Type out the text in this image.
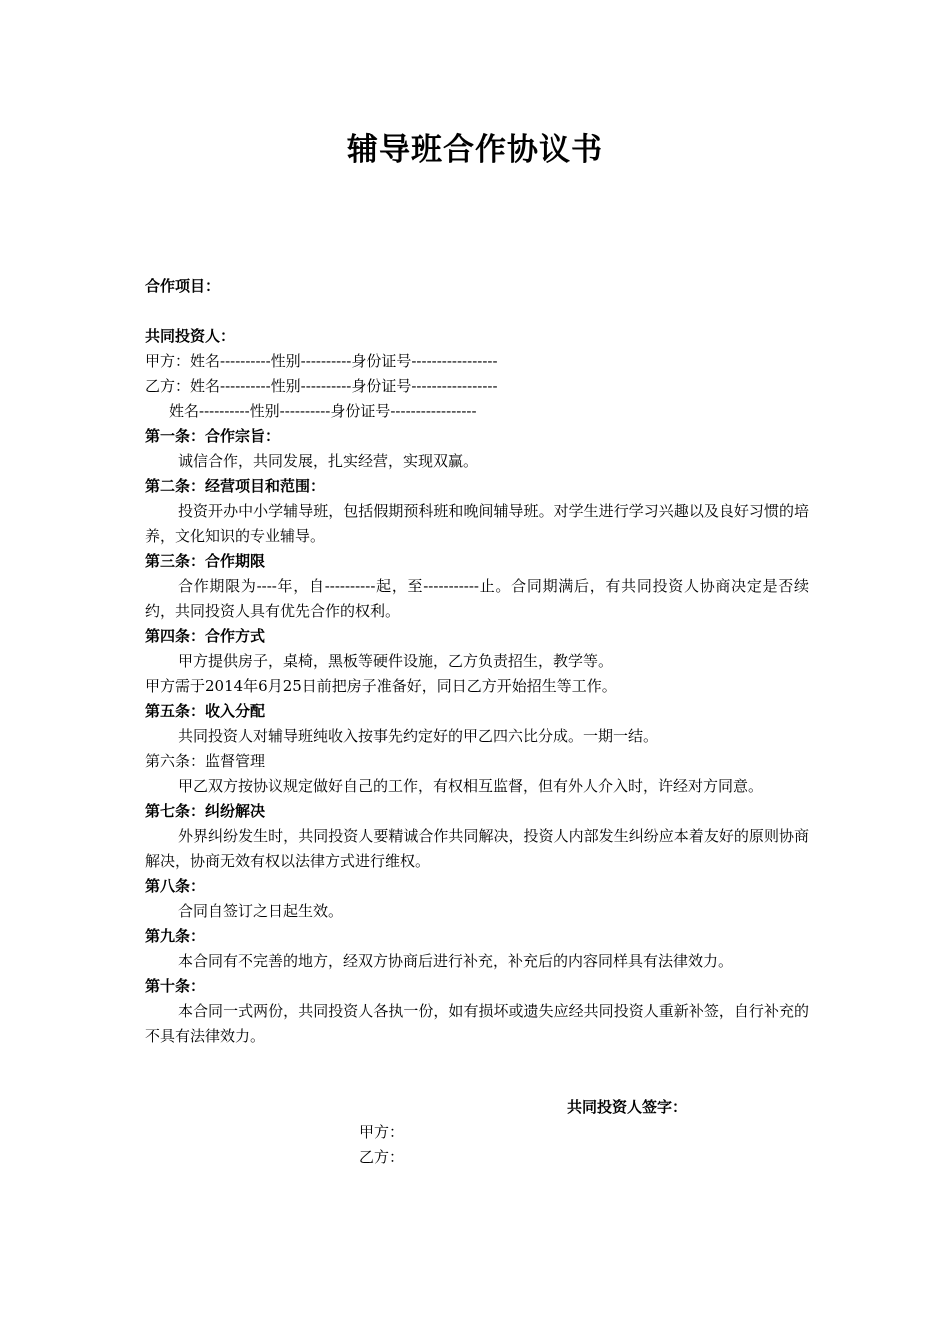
辅导班合作协议书

合作项目：

共同投资人：

甲方：姓名----------性别----------身份证号-----------------

乙方：姓名----------性别----------身份证号-----------------

姓名----------性别----------身份证号-----------------

第一条：合作宗旨：

诚信合作，共同发展，扎实经营，实现双赢。

第二条：经营项目和范围：

投资开办中小学辅导班，包括假期预科班和晚间辅导班。对学生进行学习兴趣以及良好习惯的培养，文化知识的专业辅导。

第三条：合作期限

合作期限为----年，自----------起，至-----------止。合同期满后，有共同投资人协商决定是否续约，共同投资人具有优先合作的权利。

第四条：合作方式

甲方提供房子，桌椅，黑板等硬件设施，乙方负责招生，教学等。

甲方需于2014年6月25日前把房子准备好，同日乙方开始招生等工作。

第五条：收入分配

共同投资人对辅导班纯收入按事先约定好的甲乙四六比分成。一期一结。

第六条：监督管理

甲乙双方按协议规定做好自己的工作，有权相互监督，但有外人介入时，许经对方同意。

第七条：纠纷解决

外界纠纷发生时，共同投资人要精诚合作共同解决，投资人内部发生纠纷应本着友好的原则协商解决，协商无效有权以法律方式进行维权。

第八条：

合同自签订之日起生效。

第九条：

本合同有不完善的地方，经双方协商后进行补充，补充后的内容同样具有法律效力。

第十条：

本合同一式两份，共同投资人各执一份，如有损坏或遗失应经共同投资人重新补签，自行补充的不具有法律效力。

共同投资人签字：

甲方：

乙方：
